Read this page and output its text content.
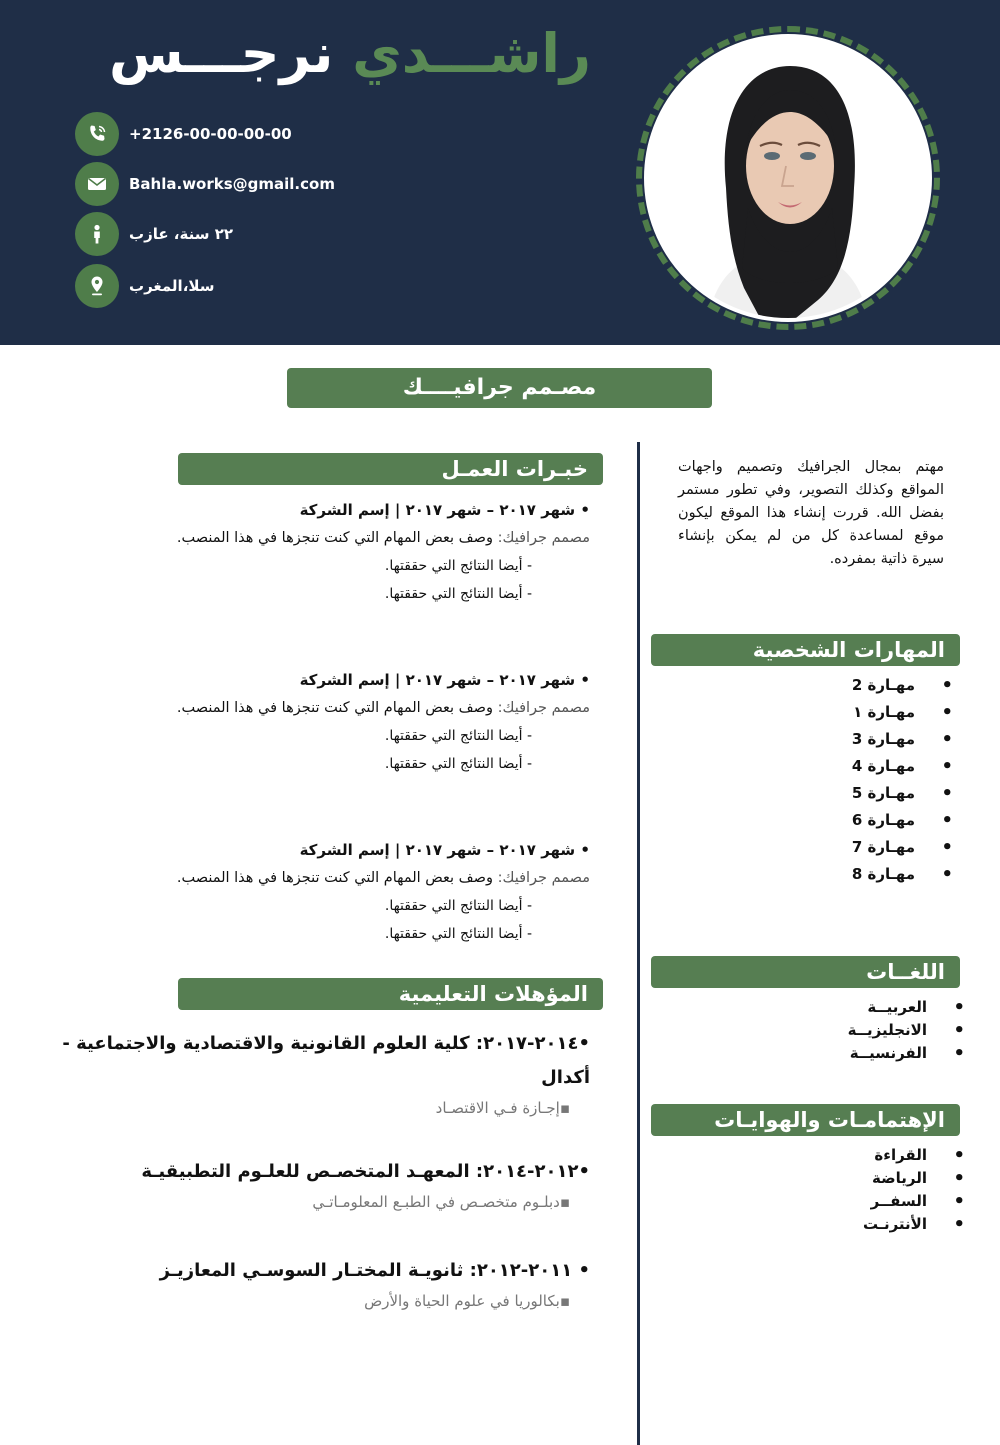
راشـــدي نرجـــس
+2126-00-00-00-00
Bahla.works@gmail.com
٢٢ سنة، عازب
سلا،المغرب
مصـمم جرافيــــك
مهتم بمجال الجرافيك وتصميم واجهات المواقع وكذلك التصوير، وفي تطور مستمر بفضل الله. قررت إنشاء هذا الموقع ليكون موقع لمساعدة كل من لم يمكن بإنشاء سيرة ذاتية بمفرده.
المهارات الشخصية
مهـارة 2 •
مهـارة ١ •
مهـارة 3 •
مهـارة 4 •
مهـارة 5 •
مهـارة 6 •
مهـارة 7 •
مهـارة 8 •
اللغــات
العربيــة •
الانجليزيــة •
الفرنسيــة •
الإهتمامـات والهوايـات
القراءة •
الرياضة •
السفــر •
الأنترنـت •
خبـرات العمـل
• شهر ٢٠١٧ – شهر ٢٠١٧ | إسم الشركة
مصمم جرافيك: وصف بعض المهام التي كنت تنجزها في هذا المنصب.
- أيضا النتائج التي حققتها.
- أيضا النتائج التي حققتها.
• شهر ٢٠١٧ – شهر ٢٠١٧ | إسم الشركة
مصمم جرافيك: وصف بعض المهام التي كنت تنجزها في هذا المنصب.
- أيضا النتائج التي حققتها.
- أيضا النتائج التي حققتها.
• شهر ٢٠١٧ – شهر ٢٠١٧ | إسم الشركة
مصمم جرافيك: وصف بعض المهام التي كنت تنجزها في هذا المنصب.
- أيضا النتائج التي حققتها.
- أيضا النتائج التي حققتها.
المؤهلات التعليمية
•٢٠١٤-٢٠١٧: كلية العلوم القانونية والاقتصادية والاجتماعية - أكدال
▪إجـازة فـي الاقتصـاد
•٢٠١٢-٢٠١٤: المعهـد المتخصـص للعلـوم التطبيقيـة
▪دبلـوم متخصـص في الطبـع المعلومـاتـي
• ٢٠١١-٢٠١٢: ثانويـة المختـار السوسـي المعازيـز
▪بكالوريا في علوم الحياة والأرض
